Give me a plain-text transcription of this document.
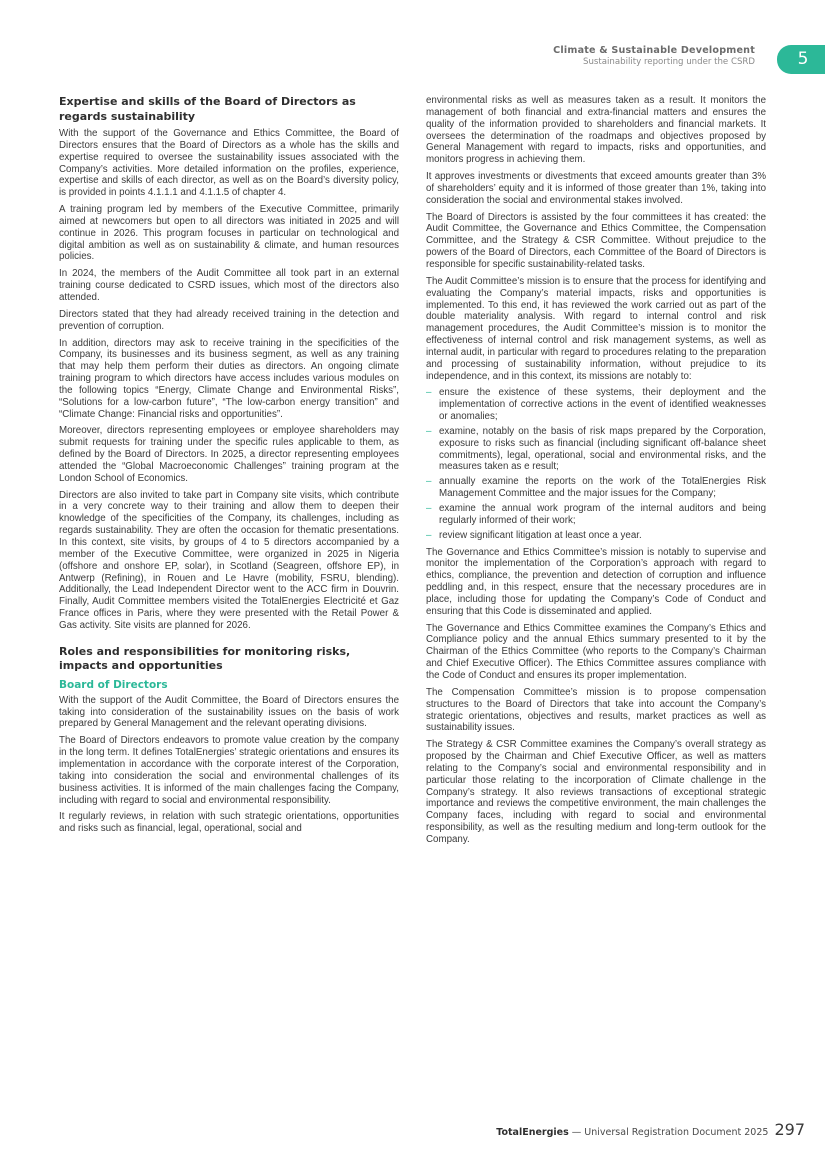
Climate & Sustainable Development
Sustainability reporting under the CSRD	5
Expertise and skills of the Board of Directors as regards sustainability

With the support of the Governance and Ethics Committee, the Board of Directors ensures that the Board of Directors as a whole has the skills and expertise required to oversee the sustainability issues associated with the Company’s activities. More detailed information on the profiles, experience, expertise and skills of each director, as well as on the Board’s diversity policy, is provided in points 4.1.1.1 and 4.1.1.5 of chapter 4.

A training program led by members of the Executive Committee, primarily aimed at newcomers but open to all directors was initiated in 2025 and will continue in 2026. This program focuses in particular on technological and digital ambition as well as on sustainability & climate, and human resources policies.

In 2024, the members of the Audit Committee all took part in an external training course dedicated to CSRD issues, which most of the directors also attended.

Directors stated that they had already received training in the detection and prevention of corruption.

In addition, directors may ask to receive training in the specificities of the Company, its businesses and its business segment, as well as any training that may help them perform their duties as directors. An ongoing climate training program to which directors have access includes various modules on the following topics “Energy, Climate Change and Environmental Risks”, “Solutions for a low-carbon future”, “The low-carbon energy transition” and “Climate Change: Financial risks and opportunities”.

Moreover, directors representing employees or employee shareholders may submit requests for training under the specific rules applicable to them, as defined by the Board of Directors. In 2025, a director representing employees attended the “Global Macroeconomic Challenges” training program at the London School of Economics.

Directors are also invited to take part in Company site visits, which contribute in a very concrete way to their training and allow them to deepen their knowledge of the specificities of the Company, its challenges, including as regards sustainability. They are often the occasion for thematic presentations. In this context, site visits, by groups of 4 to 5 directors accompanied by a member of the Executive Committee, were organized in 2025 in Nigeria (offshore and onshore EP, solar), in Scotland (Seagreen, offshore EP), in Antwerp (Refining), in Rouen and Le Havre (mobility, FSRU, blending). Additionally, the Lead Independent Director went to the ACC firm in Douvrin. Finally, Audit Committee members visited the TotalEnergies Electricité et Gaz France offices in Paris, where they were presented with the Retail Power & Gas activity. Site visits are planned for 2026.

Roles and responsibilities for monitoring risks, impacts and opportunities
Board of Directors

With the support of the Audit Committee, the Board of Directors ensures the taking into consideration of the sustainability issues on the basis of work prepared by General Management and the relevant operating divisions.

The Board of Directors endeavors to promote value creation by the company in the long term. It defines TotalEnergies’ strategic orientations and ensures its implementation in accordance with the corporate interest of the Corporation, taking into consideration the social and environmental challenges of its business activities. It is informed of the main challenges facing the Company, including with regard to social and environmental responsibility.

It regularly reviews, in relation with such strategic orientations, opportunities and risks such as financial, legal, operational, social and

environmental risks as well as measures taken as a result. It monitors the management of both financial and extra-financial matters and ensures the quality of the information provided to shareholders and financial markets. It oversees the determination of the roadmaps and objectives proposed by General Management with regard to impacts, risks and opportunities, and monitors progress in achieving them.

It approves investments or divestments that exceed amounts greater than 3% of shareholders’ equity and it is informed of those greater than 1%, taking into consideration the social and environmental stakes involved.

The Board of Directors is assisted by the four committees it has created: the Audit Committee, the Governance and Ethics Committee, the Compensation Committee, and the Strategy & CSR Committee. Without prejudice to the powers of the Board of Directors, each Committee of the Board of Directors is responsible for specific sustainability-related tasks.

The Audit Committee’s mission is to ensure that the process for identifying and evaluating the Company’s material impacts, risks and opportunities is implemented. To this end, it has reviewed the work carried out as part of the double materiality analysis. With regard to internal control and risk management procedures, the Audit Committee’s mission is to monitor the effectiveness of internal control and risk management systems, as well as internal audit, in particular with regard to procedures relating to the preparation and processing of sustainability information, without prejudice to its independence, and in this context, its missions are notably to:

– ensure the existence of these systems, their deployment and the implementation of corrective actions in the event of identified weaknesses or anomalies;
– examine, notably on the basis of risk maps prepared by the Corporation, exposure to risks such as financial (including significant off-balance sheet commitments), legal, operational, social and environmental risks, and the measures taken as e result;
– annually examine the reports on the work of the TotalEnergies Risk Management Committee and the major issues for the Company;
– examine the annual work program of the internal auditors and being regularly informed of their work;
– review significant litigation at least once a year.

The Governance and Ethics Committee’s mission is notably to supervise and monitor the implementation of the Corporation’s approach with regard to ethics, compliance, the prevention and detection of corruption and influence peddling and, in this respect, ensure that the necessary procedures are in place, including those for updating the Company’s Code of Conduct and ensuring that this Code is disseminated and applied.

The Governance and Ethics Committee examines the Company’s Ethics and Compliance policy and the annual Ethics summary presented to it by the Chairman of the Ethics Committee (who reports to the Company’s Chairman and Chief Executive Officer). The Ethics Committee assures compliance with the Code of Conduct and ensures its proper implementation.

The Compensation Committee’s mission is to propose compensation structures to the Board of Directors that take into account the Company’s strategic orientations, objectives and results, market practices as well as sustainability issues.

The Strategy & CSR Committee examines the Company’s overall strategy as proposed by the Chairman and Chief Executive Officer, as well as matters relating to the Company’s social and environmental responsibility and in particular those relating to the incorporation of Climate challenge in the Company’s strategy. It also reviews transactions of exceptional strategic importance and reviews the competitive environment, the main challenges the Company faces, including with regard to social and environmental responsibility, as well as the resulting medium and long-term outlook for the Company.

TotalEnergies — Universal Registration Document 2025 297
